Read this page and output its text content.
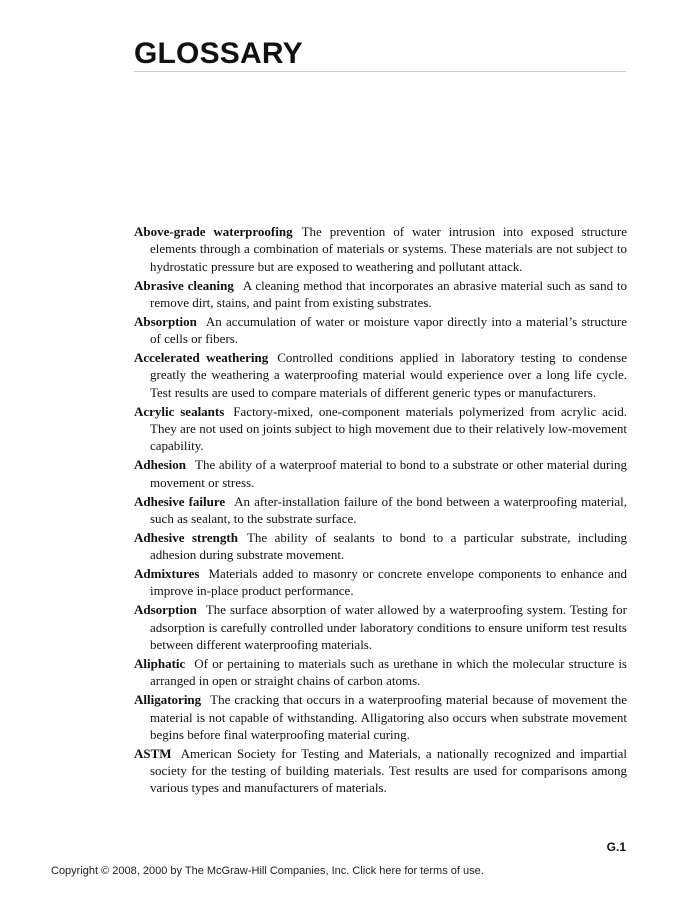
GLOSSARY

Above-grade waterproofing The prevention of water intrusion into exposed structure elements through a combination of materials or systems. These materials are not subject to hydrostatic pressure but are exposed to weathering and pollutant attack.

Abrasive cleaning A cleaning method that incorporates an abrasive material such as sand to remove dirt, stains, and paint from existing substrates.

Absorption An accumulation of water or moisture vapor directly into a material’s structure of cells or fibers.

Accelerated weathering Controlled conditions applied in laboratory testing to condense greatly the weathering a waterproofing material would experience over a long life cycle. Test results are used to compare materials of different generic types or manufacturers.

Acrylic sealants Factory-mixed, one-component materials polymerized from acrylic acid. They are not used on joints subject to high movement due to their relatively low-movement capability.

Adhesion The ability of a waterproof material to bond to a substrate or other material during movement or stress.

Adhesive failure An after-installation failure of the bond between a waterproofing material, such as sealant, to the substrate surface.

Adhesive strength The ability of sealants to bond to a particular substrate, including adhesion during substrate movement.

Admixtures Materials added to masonry or concrete envelope components to enhance and improve in-place product performance.

Adsorption The surface absorption of water allowed by a waterproofing system. Testing for adsorption is carefully controlled under laboratory conditions to ensure uniform test results between different waterproofing materials.

Aliphatic Of or pertaining to materials such as urethane in which the molecular structure is arranged in open or straight chains of carbon atoms.

Alligatoring The cracking that occurs in a waterproofing material because of movement the material is not capable of withstanding. Alligatoring also occurs when substrate movement begins before final waterproofing material curing.

ASTM American Society for Testing and Materials, a nationally recognized and impartial society for the testing of building materials. Test results are used for comparisons among various types and manufacturers of materials.

G.1
Copyright © 2008, 2000 by The McGraw-Hill Companies, Inc. Click here for terms of use.
